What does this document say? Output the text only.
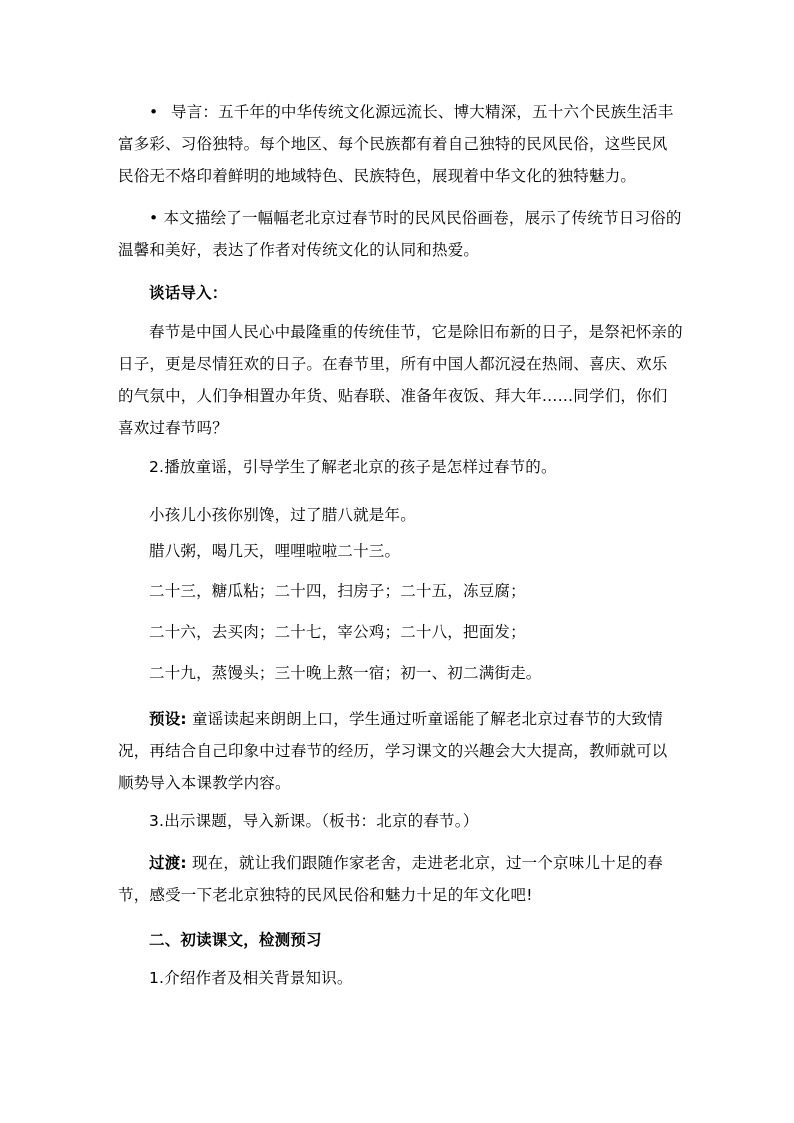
• 导言：五千年的中华传统文化源远流长、博大精深，五十六个民族生活丰富多彩、习俗独特。每个地区、每个民族都有着自己独特的民风民俗，这些民风民俗无不烙印着鲜明的地域特色、民族特色，展现着中华文化的独特魅力。

• 本文描绘了一幅幅老北京过春节时的民风民俗画卷，展示了传统节日习俗的温馨和美好，表达了作者对传统文化的认同和热爱。

谈话导入：

春节是中国人民心中最隆重的传统佳节，它是除旧布新的日子，是祭祀怀亲的日子，更是尽情狂欢的日子。在春节里，所有中国人都沉浸在热闹、喜庆、欢乐的气氛中，人们争相置办年货、贴春联、准备年夜饭、拜大年……同学们，你们喜欢过春节吗？

2.播放童谣，引导学生了解老北京的孩子是怎样过春节的。

小孩儿小孩你别馋，过了腊八就是年。

腊八粥，喝几天，哩哩啦啦二十三。

二十三，糖瓜粘；二十四，扫房子；二十五，冻豆腐；

二十六，去买肉；二十七，宰公鸡；二十八，把面发；

二十九，蒸馒头；三十晚上熬一宿；初一、初二满街走。

预设: 童谣读起来朗朗上口，学生通过听童谣能了解老北京过春节的大致情况，再结合自己印象中过春节的经历，学习课文的兴趣会大大提高，教师就可以顺势导入本课教学内容。

3.出示课题，导入新课。（板书：北京的春节。）

过渡: 现在，就让我们跟随作家老舍，走进老北京，过一个京味儿十足的春节，感受一下老北京独特的民风民俗和魅力十足的年文化吧!

二、初读课文，检测预习

1.介绍作者及相关背景知识。
